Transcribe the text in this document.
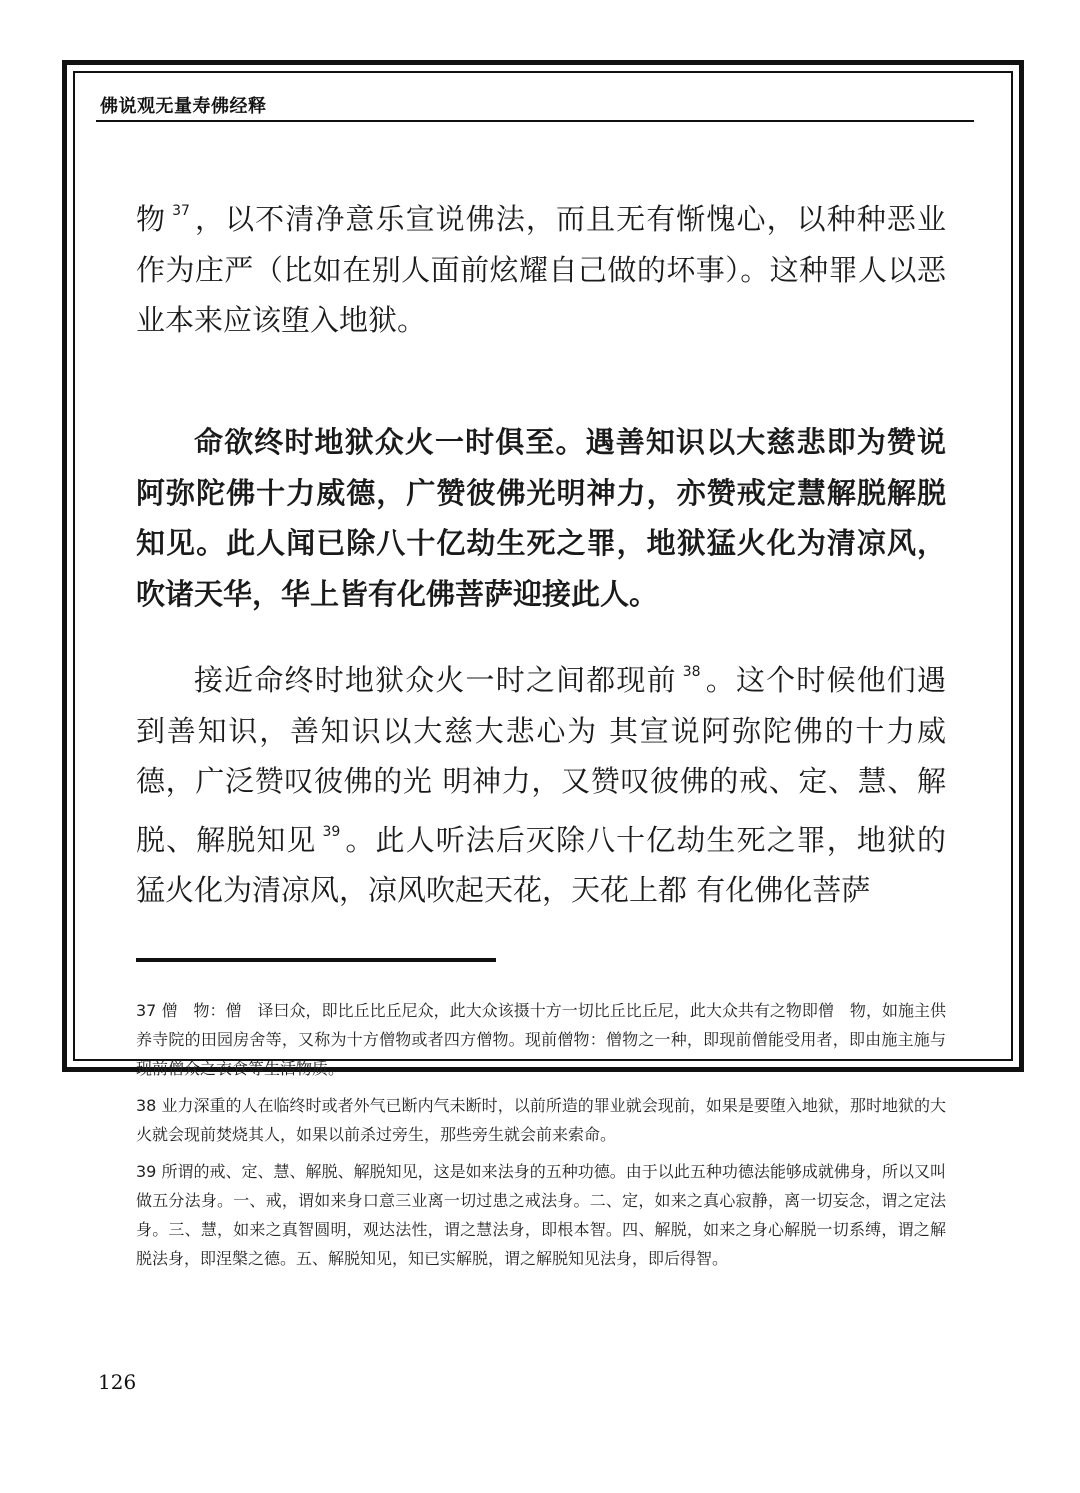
佛说观无量寿佛经释

物 $^{37}$ ，以不清净意乐宣说佛法，而且无有惭愧心，以种种恶业作为庄严（比如在别人面前炫耀自己做的坏事）。这种罪人以恶业本来应该堕入地狱。

命欲终时地狱众火一时俱至。遇善知识以大慈悲即为赞说阿弥陀佛十力威德，广赞彼佛光明神力，亦赞戒定慧解脱解脱知见。此人闻已除八十亿劫生死之罪，地狱猛火化为清凉风，吹诸天华，华上皆有化佛菩萨迎接此人。

接近命终时地狱众火一时之间都现前 $^{38}$ 。这个时候他们遇到善知识，善知识以大慈大悲心为 其宣说阿弥陀佛的十力威德，广泛赞叹彼佛的光 明神力，又赞叹彼佛的戒、定、慧、解脱、解脱知见 $^{39}$ 。此人听法后灭除八十亿劫生死之罪，地狱的猛火化为清凉风，凉风吹起天花，天花上都 有化佛化菩萨

37 僧　物：僧　译曰众，即比丘比丘尼众，此大众该摄十方一切比丘比丘尼，此大众共有之物即僧　物，如施主供养寺院的田园房舍等，又称为十方僧物或者四方僧物。现前僧物：僧物之一种，即现前僧能受用者，即由施主施与现前僧众之衣食等生活物质。

38 业力深重的人在临终时或者外气已断内气未断时，以前所造的罪业就会现前，如果是要堕入地狱，那时地狱的大火就会现前焚烧其人，如果以前杀过旁生，那些旁生就会前来索命。

39 所谓的戒、定、慧、解脱、解脱知见，这是如来法身的五种功德。由于以此五种功德法能够成就佛身，所以又叫做五分法身。一、戒，谓如来身口意三业离一切过患之戒法身。二、定，如来之真心寂静，离一切妄念，谓之定法身。三、慧，如来之真智圆明，观达法性，谓之慧法身，即根本智。四、解脱，如来之身心解脱一切系缚，谓之解脱法身，即涅槃之德。五、解脱知见，知已实解脱，谓之解脱知见法身，即后得智。

126
